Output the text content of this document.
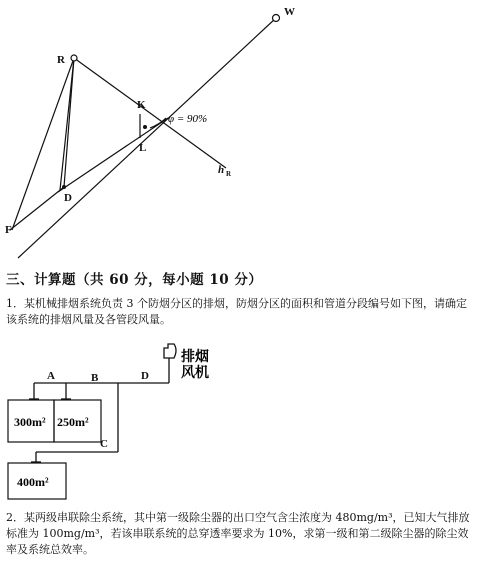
W
R
K
L
h R
D
F
φ = 90%
A	B
C
D
300m² 250m²
400m²
排烟
风机
三、计算题（共 60 分，每小题 10 分）
1．某机械排烟系统负责 3 个防烟分区的排烟，防烟分区的面积和管道分段编号如下图，请确定该系统的排烟风量及各管段风量。
2．某两级串联除尘系统，其中第一级除尘器的出口空气含尘浓度为 480mg/m³，已知大气排放标准为 100mg/m³，若该串联系统的总穿透率要求为 10%，求第一级和第二级除尘器的除尘效率及系统总效率。
